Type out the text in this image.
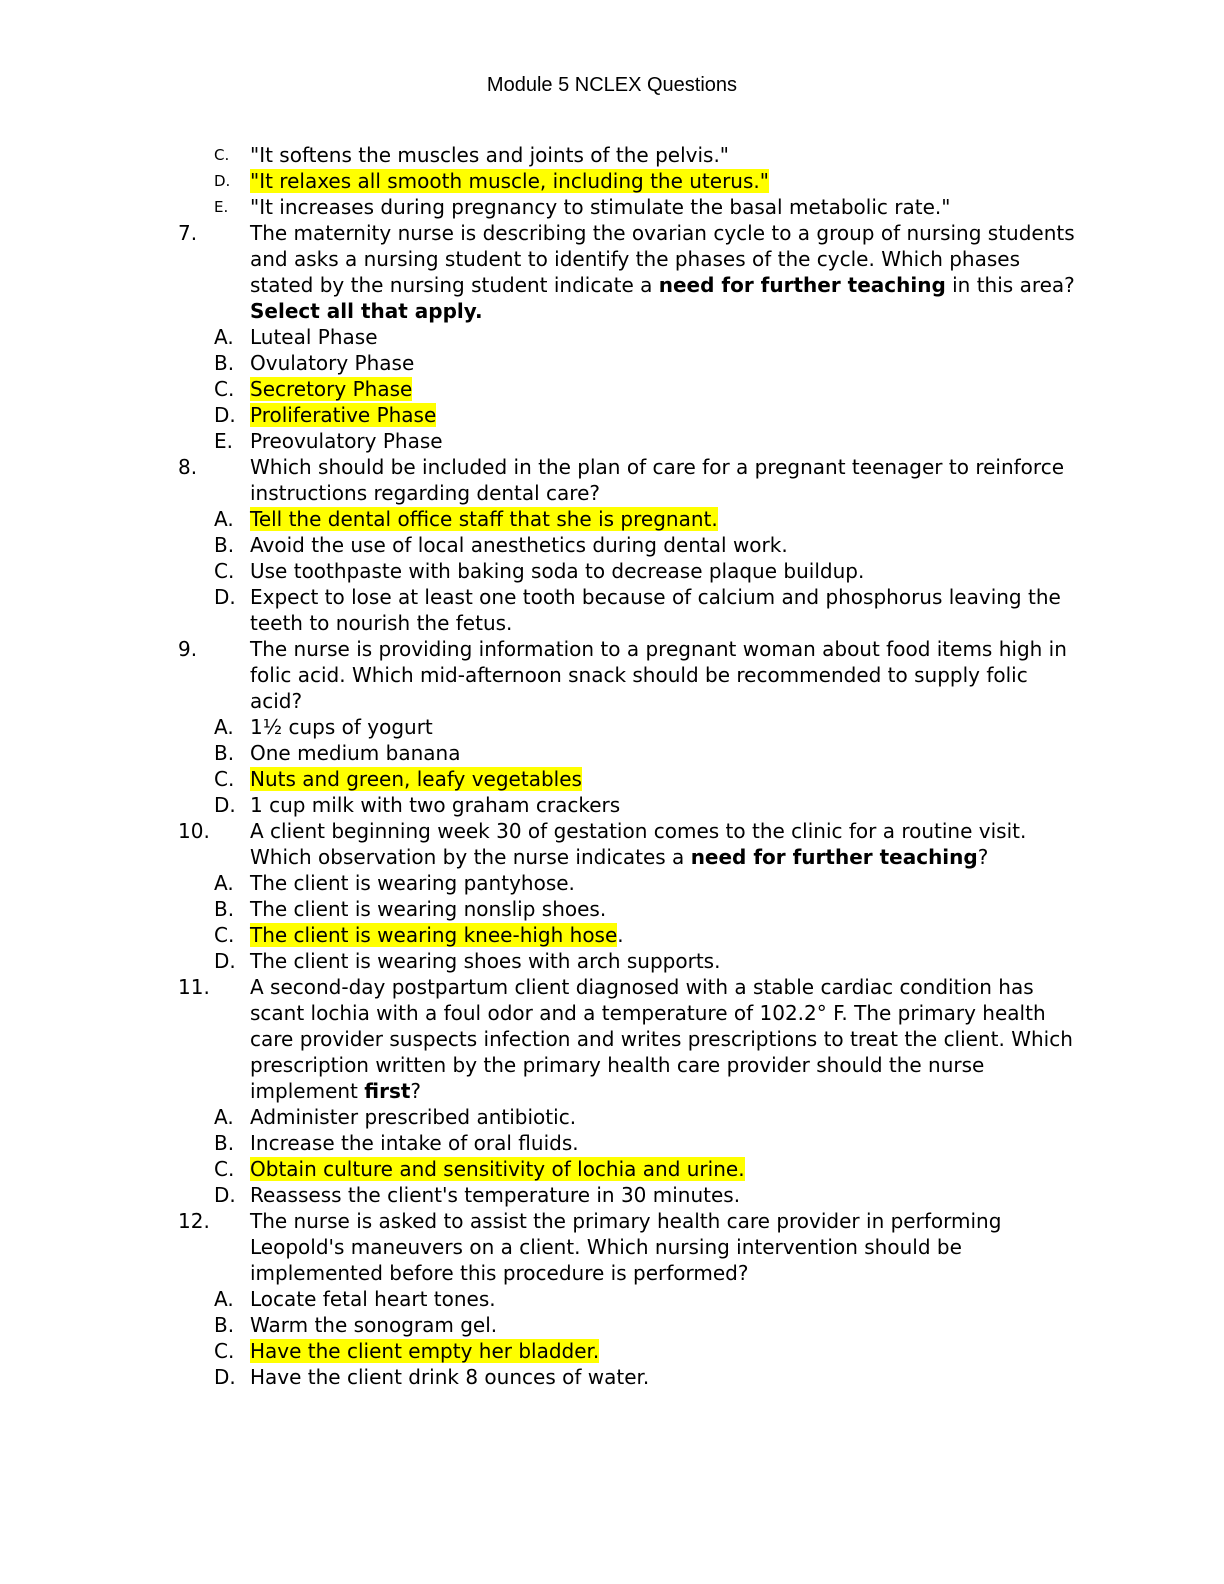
Module 5 NCLEX Questions
C. "It softens the muscles and joints of the pelvis."
D. "It relaxes all smooth muscle, including the uterus."
E. "It increases during pregnancy to stimulate the basal metabolic rate."
7.	The maternity nurse is describing the ovarian cycle to a group of nursing students and asks a nursing student to identify the phases of the cycle. Which phases stated by the nursing student indicate a need for further teaching in this area? Select all that apply.
A. Luteal Phase
B. Ovulatory Phase
C. Secretory Phase
D. Proliferative Phase
E. Preovulatory Phase
8.	Which should be included in the plan of care for a pregnant teenager to reinforce instructions regarding dental care?
A. Tell the dental office staff that she is pregnant.
B. Avoid the use of local anesthetics during dental work.
C. Use toothpaste with baking soda to decrease plaque buildup.
D. Expect to lose at least one tooth because of calcium and phosphorus leaving the teeth to nourish the fetus.
9.	The nurse is providing information to a pregnant woman about food items high in folic acid. Which mid-afternoon snack should be recommended to supply folic acid?
A. 1½ cups of yogurt
B. One medium banana
C. Nuts and green, leafy vegetables
D. 1 cup milk with two graham crackers
10. A client beginning week 30 of gestation comes to the clinic for a routine visit. Which observation by the nurse indicates a need for further teaching?
A. The client is wearing pantyhose.
B. The client is wearing nonslip shoes.
C. The client is wearing knee-high hose.
D. The client is wearing shoes with arch supports.
11. A second-day postpartum client diagnosed with a stable cardiac condition has scant lochia with a foul odor and a temperature of 102.2° F. The primary health care provider suspects infection and writes prescriptions to treat the client. Which prescription written by the primary health care provider should the nurse implement first?
A. Administer prescribed antibiotic.
B. Increase the intake of oral fluids.
C. Obtain culture and sensitivity of lochia and urine.
D. Reassess the client's temperature in 30 minutes.
12. The nurse is asked to assist the primary health care provider in performing Leopold's maneuvers on a client. Which nursing intervention should be implemented before this procedure is performed?
A. Locate fetal heart tones.
B. Warm the sonogram gel.
C. Have the client empty her bladder.
D. Have the client drink 8 ounces of water.
